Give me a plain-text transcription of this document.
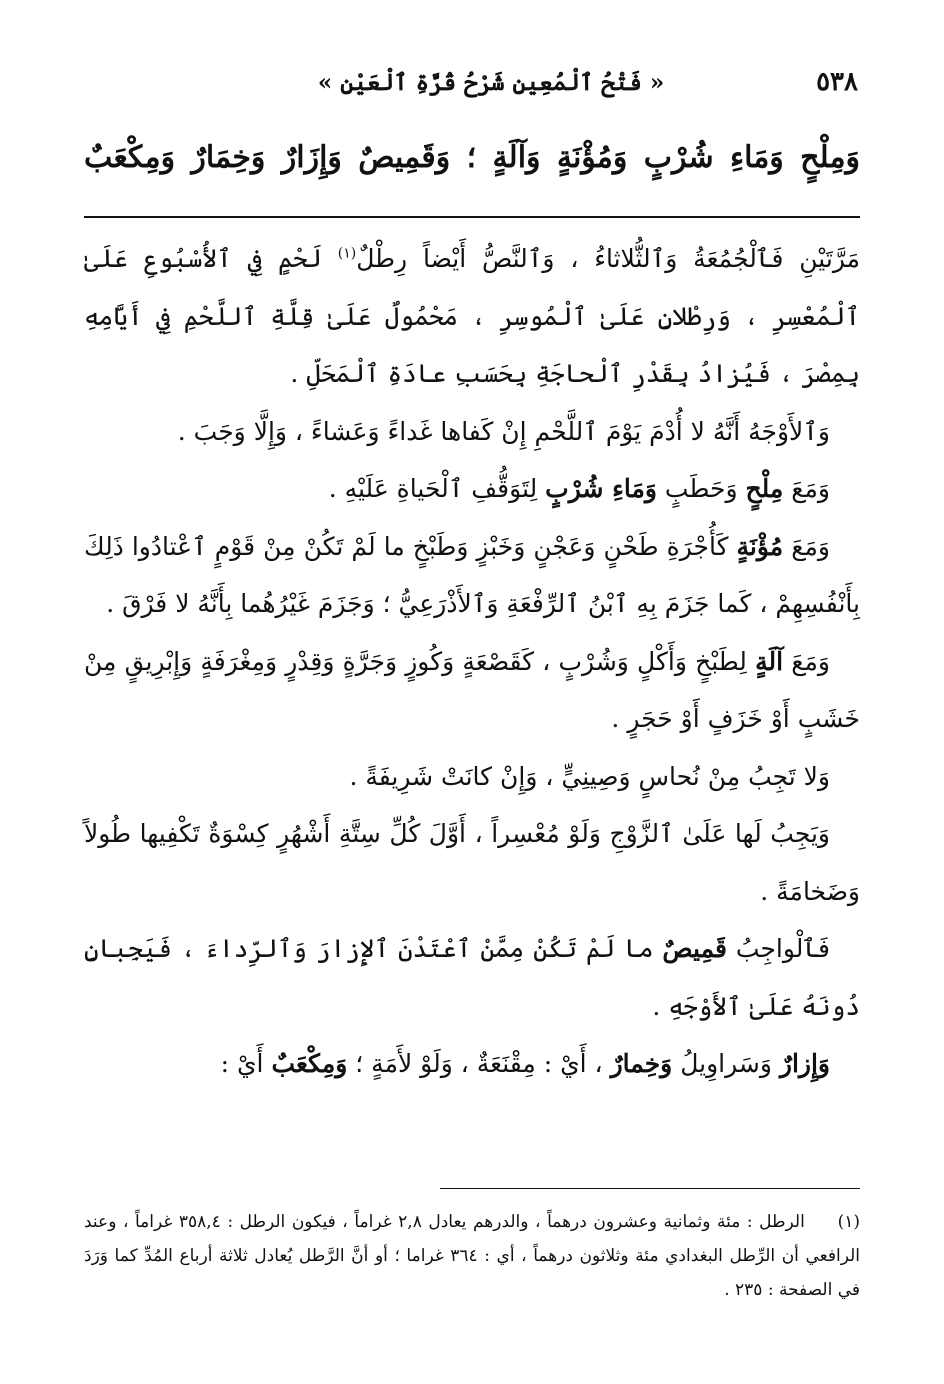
٥٣٨
« فَتْحُ ٱلْمُعِينِ شَرْحُ قُرَّةِ ٱلْعَيْنِ »
وَمِلْحٍ وَمَاءِ شُرْبٍ وَمُؤْنَةٍ وَآلَةٍ ؛ وَقَمِيصٌ وَإِزَارٌ وَخِمَارٌ وَمِكْعَبٌ

مَرَّتَيْنِ فَٱلْجُمُعَةُ وَٱلثُّلاثاءُ ، وَٱلنَّصُّ أَيْضاً رِطْلٌ$^{(١)}$ لَحْمٍ فِي ٱلأُسْبُوعِ عَلَىٰ ٱلْمُعْسِرِ ، وَرِطْلانِ عَلَىٰ ٱلْمُوسِرِ ، مَحْمُولٌ عَلَىٰ قِلَّةِ ٱللَّحْمِ فِي أَيَّامِهِ بِمِصْرَ ، فَيُزادُ بِقَدْرِ ٱلْحاجَةِ بِحَسَبِ عادَةِ ٱلْمَحَلِّ .

وَٱلأَوْجَهُ أَنَّهُ لا أُدْمَ يَوْمَ ٱللَّحْمِ إِنْ كَفاها غَداءً وَعَشاءً ، وَإِلَّا وَجَبَ .

وَمَعَ مِلْحٍ وَحَطَبٍ وَمَاءِ شُرْبٍ لِتَوَقُّفِ ٱلْحَياةِ عَلَيْهِ .

وَمَعَ مُؤْنَةٍ كَأُجْرَةِ طَحْنٍ وَعَجْنٍ وَخَبْزٍ وَطَبْخٍ ما لَمْ تَكُنْ مِنْ قَوْمٍ ٱعْتادُوا ذَلِكَ بِأَنْفُسِهِمْ ، كَما جَزَمَ بِهِ ٱبْنُ ٱلرِّفْعَةِ وَٱلأَذْرَعِيُّ ؛ وَجَزَمَ غَيْرُهُما بِأَنَّهُ لا فَرْقَ .

وَمَعَ آلَةٍ لِطَبْخٍ وَأَكْلٍ وَشُرْبٍ ، كَقَصْعَةٍ وَكُوزٍ وَجَرَّةٍ وَقِدْرٍ وَمِغْرَفَةٍ وَإِبْرِيقٍ مِنْ خَشَبٍ أَوْ خَزَفٍ أَوْ حَجَرٍ .

وَلا تَجِبُ مِنْ نُحاسٍ وَصِينِيٍّ ، وَإِنْ كانَتْ شَرِيفَةً .

وَيَجِبُ لَها عَلَىٰ ٱلزَّوْجِ وَلَوْ مُعْسِراً ، أَوَّلَ كُلِّ سِتَّةِ أَشْهُرٍ كِسْوَةٌ تَكْفِيها طُولاً وَضَخامَةً .

فَٱلْواجِبُ قَمِيصٌ ما لَمْ تَكُنْ مِمَّنْ ٱعْتَدْنَ ٱلإِزارَ وَٱلرِّداءَ ، فَيَجِبانِ دُونَهُ عَلَىٰ ٱلأَوْجَهِ .

وَإِزارٌ وَسَراوِيلُ وَخِمارٌ ، أَيْ : مِقْنَعَةٌ ، وَلَوْ لأَمَةٍ ؛ وَمِكْعَبٌ أَيْ :

(١)     الرطل : مئة وثمانية وعشرون درهماً ، والدرهم يعادل ٢,٨ غراماً ، فيكون الرطل : ٣٥٨,٤ غراماً ، وعند الرافعي أن الرِّطل البغدادي مئة وثلاثون درهماً ، أي : ٣٦٤ غراما ؛ أو أنَّ الرَّطل يُعادل ثلاثة أرباع المُدِّ كما وَرَدَ في الصفحة : ٢٣٥ .
